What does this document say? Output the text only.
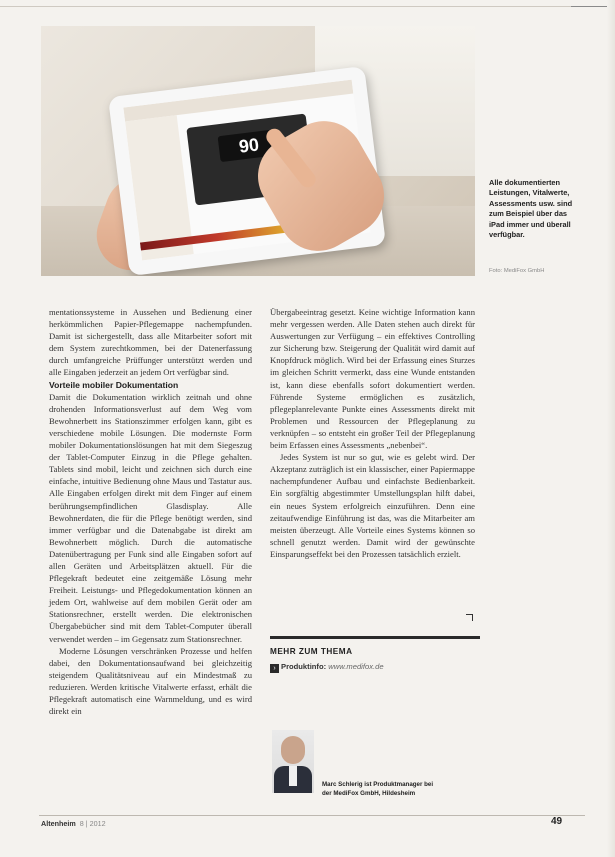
90
Alle dokumentierten Leistungen, Vitalwerte, Assessments usw. sind zum Beispiel über das iPad immer und überall verfügbar.
Foto: MediFox GmbH

mentationssysteme in Aussehen und Bedienung einer herkömmlichen Papier-Pflegemappe nachempfunden. Damit ist sichergestellt, dass alle Mitarbeiter sofort mit dem System zurechtkommen, bei der Datenerfassung durch umfangreiche Prüffunger unterstützt werden und alle Eingaben jederzeit an jedem Ort verfügbar sind.

Vorteile mobiler Dokumentation

Damit die Dokumentation wirklich zeitnah und ohne drohenden Informationsverlust auf dem Weg vom Bewohnerbett ins Stationszimmer erfolgen kann, gibt es verschiedene mobile Lösungen. Die modernste Form mobiler Dokumentationslösungen hat mit dem Siegeszug der Tablet-Computer Einzug in die Pflege gehalten. Tablets sind mobil, leicht und zeichnen sich durch eine einfache, intuitive Bedienung ohne Maus und Tastatur aus. Alle Eingaben erfolgen direkt mit dem Finger auf einem berührungsempfindlichen Glasdisplay. Alle Bewohnerdaten, die für die Pflege benötigt werden, sind immer verfügbar und die Datenabgabe ist direkt am Bewohnerbett möglich. Durch die automatische Datenübertragung per Funk sind alle Eingaben sofort auf allen Geräten und Arbeitsplätzen aktuell. Für die Pflegekraft bedeutet eine zeitgemäße Lösung mehr Freiheit. Leistungs- und Pflegedokumentation können an jedem Ort, wahlweise auf dem mobilen Gerät oder am Stationsrechner, erstellt werden. Die elektronischen Übergabebücher sind mit dem Tablet-Computer überall verwendet werden – im Gegensatz zum Stationsrechner.

Moderne Lösungen verschränken Prozesse und helfen dabei, den Dokumentationsaufwand bei gleichzeitig steigendem Qualitätsniveau auf ein Mindestmaß zu reduzieren. Werden kritische Vitalwerte erfasst, erhält die Pflegekraft automatisch eine Warnmeldung, und es wird direkt ein

Übergabeeintrag gesetzt. Keine wichtige Information kann mehr vergessen werden. Alle Daten stehen auch direkt für Auswertungen zur Verfügung – ein effektives Controlling zur Sicherung bzw. Steigerung der Qualität wird damit auf Knopfdruck möglich. Wird bei der Erfassung eines Sturzes im gleichen Schritt vermerkt, dass eine Wunde entstanden ist, kann diese ebenfalls sofort dokumentiert werden. Führende Systeme ermöglichen es zusätzlich, pflegeplanrelevante Punkte eines Assessments direkt mit Problemen und Ressourcen der Pflegeplanung zu verknüpfen – so entsteht ein großer Teil der Pflegeplanung beim Erfassen eines Assessments „nebenbei“.

Jedes System ist nur so gut, wie es gelebt wird. Der Akzeptanz zuträglich ist ein klassischer, einer Papiermappe nachempfundener Aufbau und einfachste Bedienbarkeit. Ein sorgfältig abgestimmter Umstellungsplan hilft dabei, ein neues System erfolgreich einzuführen. Denn eine zeitaufwendige Einführung ist das, was die Mitarbeiter am meisten überzeugt. Alle Vorteile eines Systems können so schnell genutzt werden. Damit wird der gewünschte Einsparungseffekt bei den Prozessen tatsächlich erzielt.

MEHR ZUM THEMA
› Produktinfo: www.medifox.de
Marc Schlerig ist Produktmanager bei der MediFox GmbH, Hildesheim
Altenheim 8 | 2012	49
